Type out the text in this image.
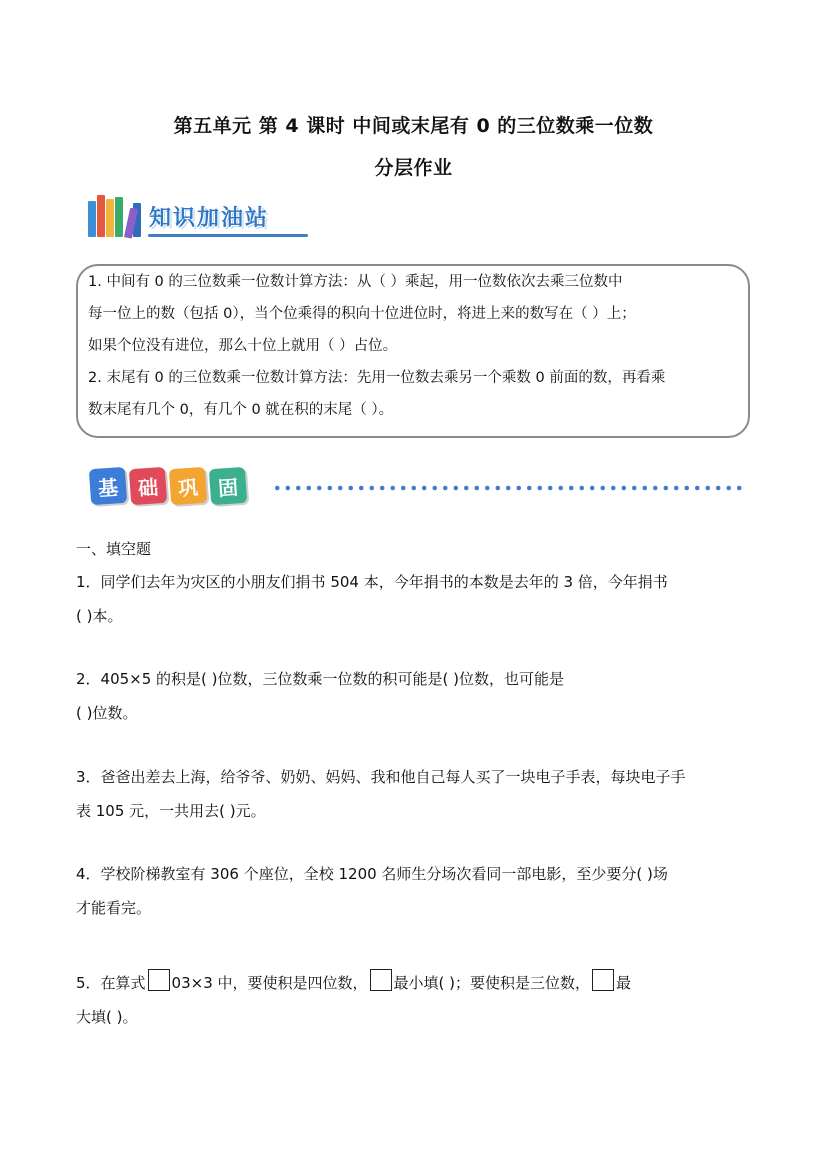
第五单元 第 4 课时 中间或末尾有 0 的三位数乘一位数
分层作业
知识加油站

1. 中间有 0 的三位数乘一位数计算方法：从（ ）乘起，用一位数依次去乘三位数中

每一位上的数（包括 0），当个位乘得的积向十位进位时，将进上来的数写在（ ）上；

如果个位没有进位，那么十位上就用（ ）占位。

2. 末尾有 0 的三位数乘一位数计算方法：先用一位数去乘另一个乘数 0 前面的数，再看乘

数末尾有几个 0，有几个 0 就在积的末尾（ ）。

基 础 巩 固
一、填空题
1．同学们去年为灾区的小朋友们捐书 504 本，今年捐书的本数是去年的 3 倍，今年捐书
( )本。
2．405×5 的积是( )位数，三位数乘一位数的积可能是( )位数，也可能是
( )位数。
3．爸爸出差去上海，给爷爷、奶奶、妈妈、我和他自己每人买了一块电子手表，每块电子手
表 105 元，一共用去( )元。
4．学校阶梯教室有 306 个座位，全校 1200 名师生分场次看同一部电影，至少要分( )场
才能看完。
5．在算式 03×3 中，要使积是四位数， 最小填( )；要使积是三位数， 最
大填( )。
